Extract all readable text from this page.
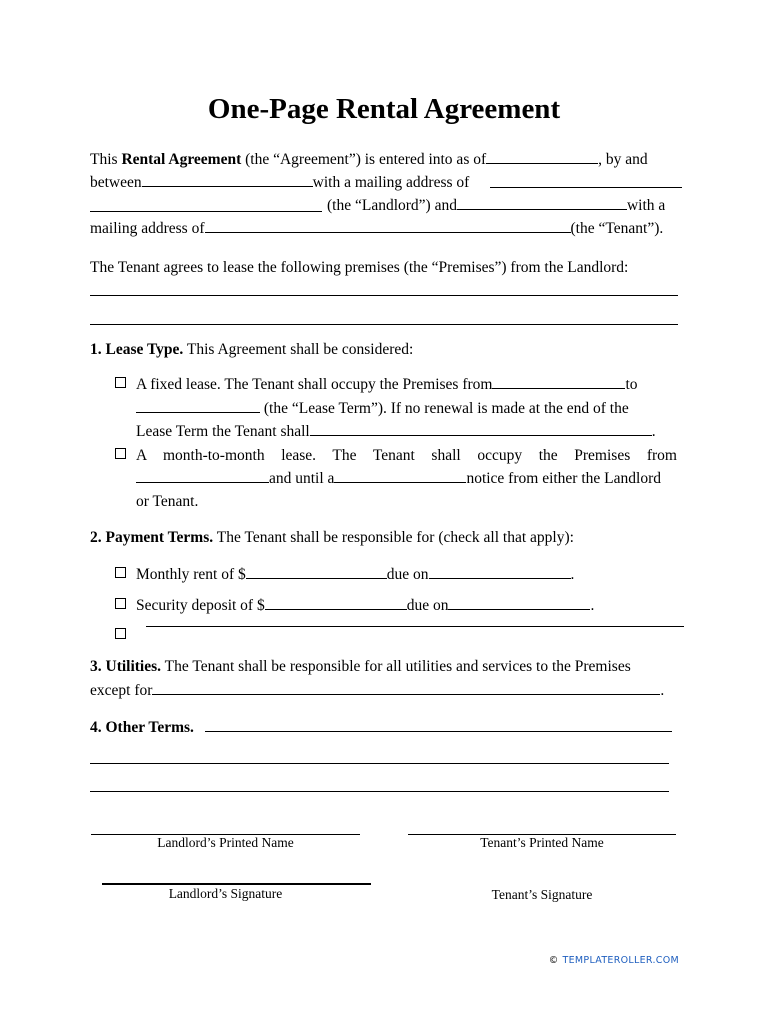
One-Page Rental Agreement
This Rental Agreement (the “Agreement”) is entered into as of	, by and
between	with a mailing address of
(the “Landlord”) and	with a
mailing address of	(the “Tenant”).
The Tenant agrees to lease the following premises (the “Premises”) from the Landlord:
1. Lease Type. This Agreement shall be considered:
A fixed lease. The Tenant shall occupy the Premises from	to
(the “Lease Term”). If no renewal is made at the end of the
Lease Term the Tenant shall	.
A month-to-month lease. The Tenant shall occupy the Premises from
and until a	notice from either the Landlord
or Tenant.
2. Payment Terms. The Tenant shall be responsible for (check all that apply):
Monthly rent of $	due on	.
Security deposit of $	due on	.
3. Utilities. The Tenant shall be responsible for all utilities and services to the Premises
except for	.
4. Other Terms.
Landlord’s Printed Name	Tenant’s Printed Name
Landlord’s Signature	Tenant’s Signature
© TEMPLATEROLLER.COM
